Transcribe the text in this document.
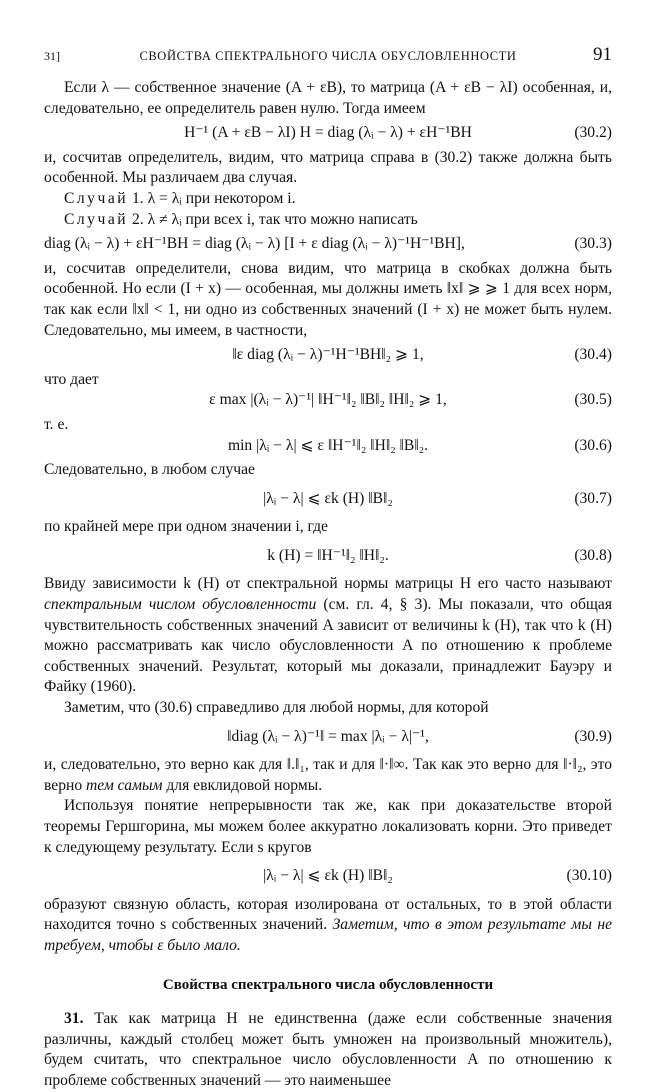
31]	СВОЙСТВА СПЕКТРАЛЬНОГО ЧИСЛА ОБУСЛОВЛЕННОСТИ	91

Если λ — собственное значение (A + εB), то матрица (A + εB − λI) особенная, и, следовательно, ее определитель равен нулю. Тогда имеем

H⁻¹ (A + εB − λI) H = diag (λᵢ − λ) + εH⁻¹BH	(30.2)

и, сосчитав определитель, видим, что матрица справа в (30.2) также должна быть особенной. Мы различаем два случая.

Случай 1. λ = λᵢ при некотором i.

Случай 2. λ ≠ λᵢ при всех i, так что можно написать

diag (λᵢ − λ) + εH⁻¹BH = diag (λᵢ − λ) [I + ε diag (λᵢ − λ)⁻¹H⁻¹BH],	(30.3)

и, сосчитав определители, снова видим, что матрица в скобках должна быть особенной. Но если (I + x) — особенная, мы должны иметь ‖x‖ ⩾ ⩾ 1 для всех норм, так как если ‖x‖ < 1, ни одно из собственных значений (I + x) не может быть нулем. Следовательно, мы имеем, в частности,

‖ε diag (λᵢ − λ)⁻¹H⁻¹BH‖₂ ⩾ 1,	(30.4)

что дает

ε max |(λᵢ − λ)⁻¹| ‖H⁻¹‖₂ ‖B‖₂ ‖H‖₂ ⩾ 1,	(30.5)

т. е.

min |λᵢ − λ| ⩽ ε ‖H⁻¹‖₂ ‖H‖₂ ‖B‖₂.	(30.6)

Следовательно, в любом случае

|λᵢ − λ| ⩽ εk (H) ‖B‖₂	(30.7)

по крайней мере при одном значении i, где

k (H) = ‖H⁻¹‖₂ ‖H‖₂.	(30.8)

Ввиду зависимости k (H) от спектральной нормы матрицы H его часто называют спектральным числом обусловленности (см. гл. 4, § 3). Мы показали, что общая чувствительность собственных значений A зависит от величины k (H), так что k (H) можно рассматривать как число обусловленности A по отношению к проблеме собственных значений. Результат, который мы доказали, принадлежит Бауэру и Файку (1960).

Заметим, что (30.6) справедливо для любой нормы, для которой

‖diag (λᵢ − λ)⁻¹‖ = max |λᵢ − λ|⁻¹,	(30.9)

и, следовательно, это верно как для ‖.‖₁, так и для ‖·‖∞. Так как это верно для ‖·‖₂, это верно тем самым для евклидовой нормы.

Используя понятие непрерывности так же, как при доказательстве второй теоремы Гершгорина, мы можем более аккуратно локализовать корни. Это приведет к следующему результату. Если s кругов

|λᵢ − λ| ⩽ εk (H) ‖B‖₂	(30.10)

образуют связную область, которая изолирована от остальных, то в этой области находится точно s собственных значений. Заметим, что в этом результате мы не требуем, чтобы ε было мало.

Свойства спектрального числа обусловленности

31. Так как матрица H не единственна (даже если собственные значения различны, каждый столбец может быть умножен на произвольный множитель), будем считать, что спектральное число обусловленности A по отношению к проблеме собственных значений — это наименьшее
